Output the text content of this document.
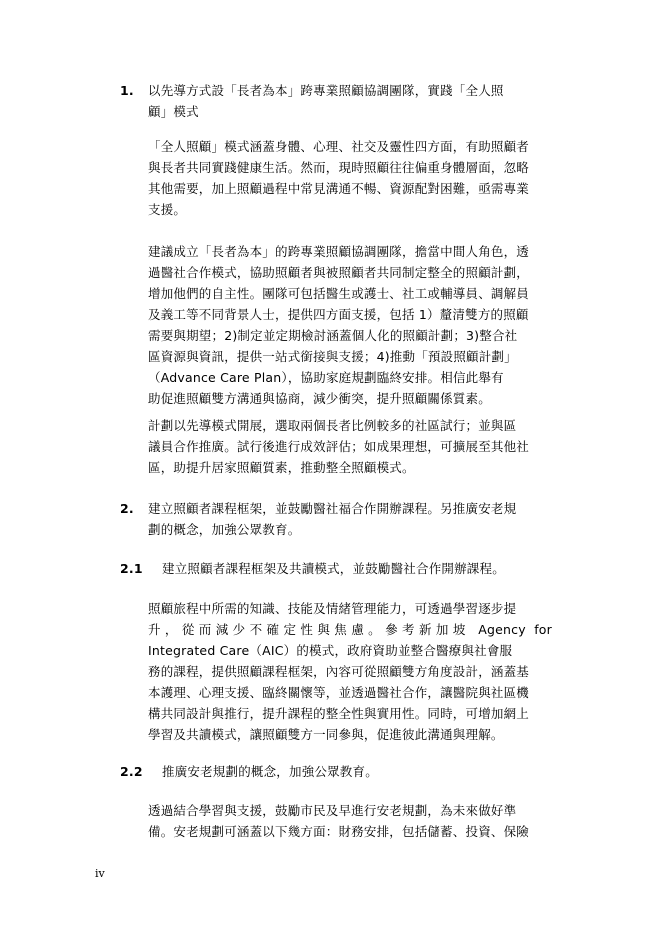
1. 以先導方式設「長者為本」跨專業照顧協調團隊，實踐「全人照
顧」模式

「全人照顧」模式涵蓋身體、心理、社交及靈性四方面，有助照顧者
與長者共同實踐健康生活。然而，現時照顧往往偏重身體層面，忽略
其他需要，加上照顧過程中常見溝通不暢、資源配對困難，亟需專業
支援。

建議成立「長者為本」的跨專業照顧協調團隊，擔當中間人角色，透
過醫社合作模式，協助照顧者與被照顧者共同制定整全的照顧計劃，
增加他們的自主性。團隊可包括醫生或護士、社工或輔導員、調解員
及義工等不同背景人士，提供四方面支援，包括 1）釐清雙方的照顧
需要與期望；2)制定並定期檢討涵蓋個人化的照顧計劃；3)整合社
區資源與資訊，提供一站式銜接與支援；4)推動「預設照顧計劃」
（Advance Care Plan），協助家庭規劃臨終安排。相信此舉有
助促進照顧雙方溝通與協商，減少衝突，提升照顧關係質素。

計劃以先導模式開展，選取兩個長者比例較多的社區試行；並與區
議員合作推廣。試行後進行成效評估；如成果理想，可擴展至其他社
區，助提升居家照顧質素，推動整全照顧模式。

2. 建立照顧者課程框架，並鼓勵醫社福合作開辦課程。另推廣安老規
劃的概念，加強公眾教育。
2.1	建立照顧者課程框架及共讀模式，並鼓勵醫社合作開辦課程。

照顧旅程中所需的知識、技能及情緒管理能力，可透過學習逐步提
升，從而減少不確定性與焦慮。參考新加坡 Agency for
Integrated Care（AIC）的模式，政府資助並整合醫療與社會服
務的課程，提供照顧課程框架，內容可從照顧雙方角度設計，涵蓋基
本護理、心理支援、臨終關懷等，並透過醫社合作，讓醫院與社區機
構共同設計與推行，提升課程的整全性與實用性。同時，可增加網上
學習及共讀模式，讓照顧雙方一同參與，促進彼此溝通與理解。

2.2	推廣安老規劃的概念，加強公眾教育。

透過結合學習與支援，鼓勵市民及早進行安老規劃，為未來做好準
備。安老規劃可涵蓋以下幾方面：財務安排，包括儲蓄、投資、保險

iv
